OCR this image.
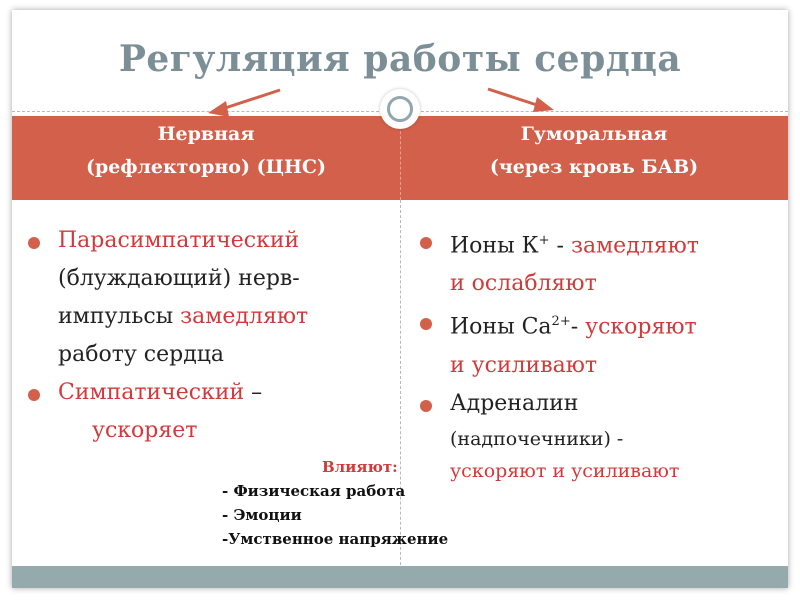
Регуляция работы сердца
Нервная
(рефлекторно) (ЦНС)
Гуморальная
(через кровь БАВ)
Парасимпатический
(блуждающий) нерв-
импульсы замедляют
работу сердца
Симпатический –
ускоряет
Ионы К+ - замедляют
и ослабляют
Ионы $Са^{2+}-$ ускоряют
и усиливают
Адреналин
(надпочечники) -
ускоряют и усиливают
Влияют:
- Физическая работа
- Эмоции
-Умственное напряжение
